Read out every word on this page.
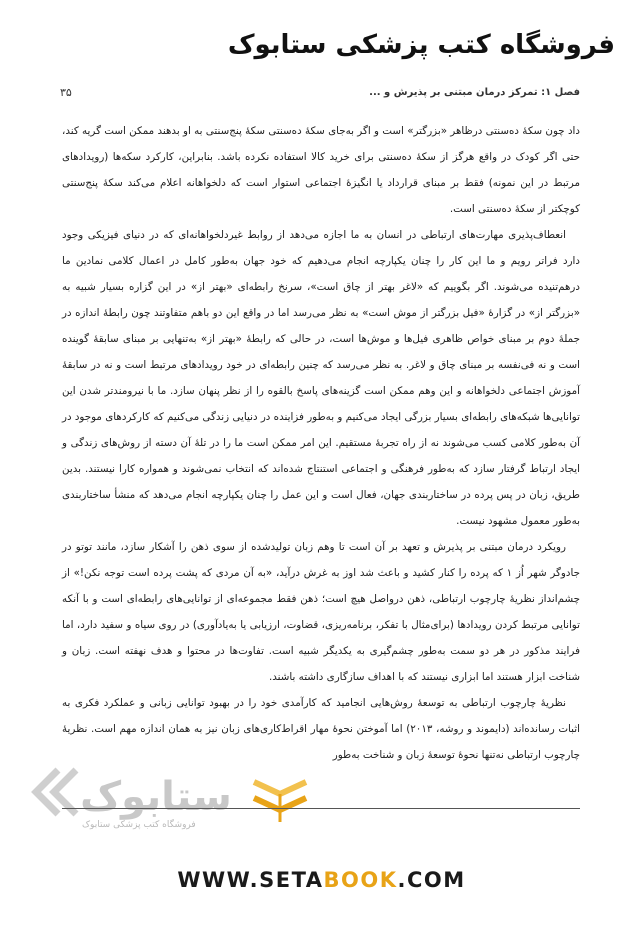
فروشگاه کتب پزشکی ستابوک
فصل ۱: تمرکز درمان مبتنی بر پذیرش و ...
۳۵

داد چون سکهٔ ده‌سنتی درظاهر «بزرگتر» است و اگر به‌جای سکهٔ ده‌سنتی سکهٔ پنج‌سنتی به او بدهند ممکن است گریه کند، حتی اگر کودک در واقع هرگز از سکهٔ ده‌سنتی برای خرید کالا استفاده نکرده باشد. بنابراین، کارکرد سکه‌ها (رویدادهای مرتبط در این نمونه) فقط بر مبنای قرارداد یا انگیزهٔ اجتماعی استوار است که دلخواهانه اعلام می‌کند سکهٔ پنج‌سنتی کوچکتر از سکهٔ ده‌سنتی است.

انعطاف‌پذیری مهارت‌های ارتباطی در انسان به ما اجازه می‌دهد از روابط غیردلخواهانه‌ای که در دنیای فیزیکی وجود دارد فراتر رویم و ما این کار را چنان یکپارچه انجام می‌دهیم که خود جهان به‌طور کامل در اعمال کلامی نمادین ما درهم‌تنیده می‌شوند. اگر بگوییم که «لاغر بهتر از چاق است»، سرنخ رابطه‌ای «بهتر از» در این گزاره بسیار شبیه به «بزرگتر از» در گزارهٔ «فیل بزرگتر از موش است» به نظر می‌رسد اما در واقع این دو باهم متفاوتند چون رابطهٔ اندازه در جملهٔ دوم بر مبنای خواص ظاهری فیل‌ها و موش‌ها است، در حالی که رابطهٔ «بهتر از» به‌تنهایی بر مبنای سابقهٔ گوینده است و نه فی‌نفسه بر مبنای چاق و لاغر. به نظر می‌رسد که چنین رابطه‌ای در خود رویدادهای مرتبط است و نه در سابقهٔ آموزش اجتماعی دلخواهانه و این وهم ممکن است گزینه‌های پاسخ بالقوه را از نظر پنهان سازد. ما با نیرومندتر شدن این توانایی‌ها شبکه‌های رابطه‌ای بسیار بزرگی ایجاد می‌کنیم و به‌طور فزاینده در دنیایی زندگی می‌کنیم که کارکردهای موجود در آن به‌طور کلامی کسب می‌شوند نه از راه تجربهٔ مستقیم. این امر ممکن است ما را در تلهٔ آن دسته از روش‌های زندگی و ایجاد ارتباط گرفتار سازد که به‌طور فرهنگی و اجتماعی استنتاج شده‌اند که انتخاب نمی‌شوند و همواره کارا نیستند. بدین طریق، زبان در پس پرده در ساختاربندی جهان، فعال است و این عمل را چنان یکپارچه انجام می‌دهد که منشأ ساختاربندی به‌طور معمول مشهود نیست.

رویکرد درمان مبتنی بر پذیرش و تعهد بر آن است تا وهم زبان تولیدشده از سوی ذهن را آشکار سازد، مانند توتو در جادوگر شهر اُز ۱ که پرده را کنار کشید و باعث شد اوز به غرش درآید، «به آن مردی که پشت پرده است توجه نکن!» از چشم‌انداز نظریهٔ چارچوب ارتباطی، ذهن درواصل هیچ است؛ ذهن فقط مجموعه‌ای از توانایی‌های رابطه‌ای است و با آنکه توانایی مرتبط کردن رویدادها (برای‌مثال با تفکر، برنامه‌ریزی، قضاوت، ارزیابی یا به‌یادآوری) در روی سیاه و سفید دارد، اما فرایند مذکور در هر دو سمت به‌طور چشم‌گیری به یکدیگر شبیه است. تفاوت‌ها در محتوا و هدف نهفته است. زبان و شناخت ابزار هستند اما ابزاری نیستند که با اهداف سازگاری داشته باشند.

نظریهٔ چارچوب ارتباطی به توسعهٔ روش‌هایی انجامید که کارآمدی خود را در بهبود توانایی زبانی و عملکرد فکری به اثبات رسانده‌اند (دایموند و روشه، ۲۰۱۳) اما آموختن نحوهٔ مهار اقراط‌کاری‌های زبان نیز به همان اندازه مهم است. نظریهٔ چارچوب ارتباطی نه‌تنها نحوهٔ توسعهٔ زبان و شناخت به‌طور

ستابوک
فروشگاه کتب پزشکی ستابوک
WWW.SETABOOK.COM
